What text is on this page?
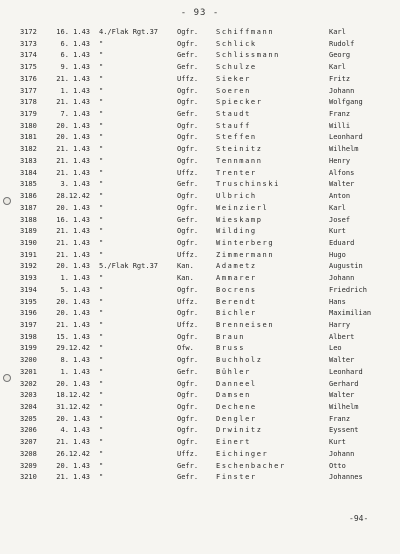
- 93 -
3172	16. 1.43 4./Flak Rgt.37	Ogfr.	Schiffmann	Karl
3173	6. 1.43 "	Ogfr.	Schlick	Rudolf
3174	6. 1.43 "	Gefr.	Schlissmann	Georg
3175	9. 1.43 "	Gefr.	Schulze	Karl
3176	21. 1.43 "	Uffz.	Sieker	Fritz
3177	1. 1.43 "	Ogfr.	Soeren	Johann
3178	21. 1.43 "	Ogfr.	Spiecker	Wolfgang
3179	7. 1.43 "	Gefr.	Staudt	Franz
3180	20. 1.43 "	Ogfr.	Stauff	Willi
3181	20. 1.43 "	Ogfr.	Steffen	Leonhard
3182	21. 1.43 "	Ogfr.	Steinitz	Wilhelm
3183	21. 1.43 "	Ogfr.	Tennmann	Henry
3184	21. 1.43 "	Uffz.	Trenter	Alfons
3185	3. 1.43 "	Gefr.	Truschinski	Walter
3186	28.12.42 "	Ogfr.	Ulbrich	Anton
3187	20. 1.43 "	Ogfr.	Weinzierl	Karl
3188	16. 1.43 "	Gefr.	Wieskamp	Josef
3189	21. 1.43 "	Ogfr.	Wilding	Kurt
3190	21. 1.43 "	Ogfr.	Winterberg	Eduard
3191	21. 1.43 "	Uffz.	Zimmermann	Hugo
3192	20. 1.43 5./Flak Rgt.37	Kan.	Adametz	Augustin
3193	1. 1.43 "	Kan.	Ammarer	Johann
3194	5. 1.43 "	Ogfr.	Bocrens	Friedrich
3195	20. 1.43 "	Uffz.	Berendt	Hans
3196	20. 1.43 "	Ogfr.	Bichler	Maximilian
3197	21. 1.43 "	Uffz.	Brenneisen	Harry
3198	15. 1.43 "	Ogfr.	Braun	Albert
3199	29.12.42 "	Ofw.	Bruss	Leo
3200	8. 1.43 "	Ogfr.	Buchholz	Walter
3201	1. 1.43 "	Gefr.	Bühler	Leonhard
3202	20. 1.43 "	Ogfr.	Danneel	Gerhard
3203	18.12.42 "	Ogfr.	Damsen	Walter
3204	31.12.42 "	Ogfr.	Dechene	Wilhelm
3205	20. 1.43 "	Ogfr.	Dengler	Franz
3206	4. 1.43 "	Ogfr.	Drwinitz	Eyssent
3207	21. 1.43 "	Ogfr.	Einert	Kurt
3208	26.12.42 "	Uffz.	Eichinger	Johann
3209	20. 1.43 "	Gefr.	Eschenbacher	Otto
3210	21. 1.43 "	Gefr.	Finster	Johannes
-94-
